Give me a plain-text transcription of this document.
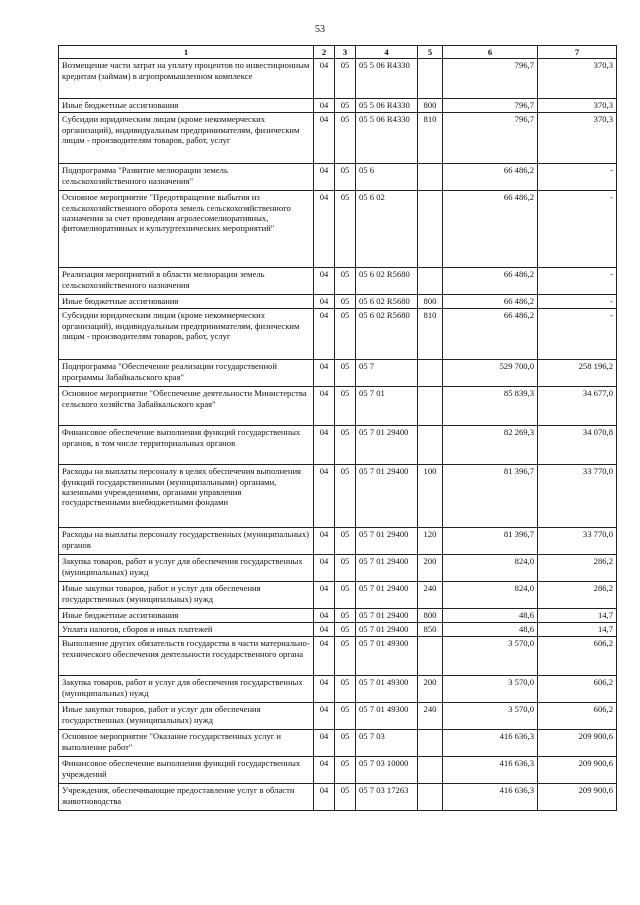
53
1	2	3	4	5	6	7
Возмещение части затрат на уплату процентов по инвестиционным кредитам (займам) в агропромышленном комплексе	04	05	05 5 06 R4330		796,7	370,3
Иные бюджетные ассигнования	04	05	05 5 06 R4330	800	796,7	370,3
Субсидии юридическим лицам (кроме некоммерческих организаций), индивидуальным предпринимателям, физическим лицам - производителям товаров, работ, услуг	04	05	05 5 06 R4330	810	796,7	370,3
Подпрограмма "Развитие мелиорации земель сельскохозяйственного назначения"	04	05	05 6		66 486,2	-
Основное мероприятие "Предотвращение выбытия из сельскохозяйственного оборота земель сельскохозяйственного назначения за счет проведения агролесомелиоративных, фитомелиоративных и культуртехнических мероприятий"	04	05	05 6 02		66 486,2	-
Реализация мероприятий в области мелиорации земель сельскохозяйственного назначения	04	05	05 6 02 R5680		66 486,2	-
Иные бюджетные ассигнования	04	05	05 6 02 R5680	800	66 486,2	-
Субсидии юридическим лицам (кроме некоммерческих организаций), индивидуальным предпринимателям, физическим лицам - производителям товаров, работ, услуг	04	05	05 6 02 R5680	810	66 486,2	-
Подпрограмма "Обеспечение реализации государственной программы Забайкальского края"	04	05	05 7		529 700,0	258 196,2
Основное мероприятие "Обеспечение деятельности Министерства сельского хозяйства Забайкальского края"	04	05	05 7 01		85 839,3	34 677,0
Финансовое обеспечение выполнения функций государственных органов, в том числе территориальных органов	04	05	05 7 01 29400		82 269,3	34 070,8
Расходы на выплаты персоналу в целях обеспечения выполнения функций государственными (муниципальными) органами, казенными учреждениями, органами управления государственными внебюджетными фондами	04	05	05 7 01 29400	100	81 396,7	33 770,0
Расходы на выплаты персоналу государственных (муниципальных) органов	04	05	05 7 01 29400	120	81 396,7	33 770,0
Закупка товаров, работ и услуг для обеспечения государственных (муниципальных) нужд	04	05	05 7 01 29400	200	824,0	286,2
Иные закупки товаров, работ и услуг для обеспечения государственных (муниципальных) нужд	04	05	05 7 01 29400	240	824,0	286,2
Иные бюджетные ассигнования	04	05	05 7 01 29400	800	48,6	14,7
Уплата налогов, сборов и иных платежей	04	05	05 7 01 29400	850	48,6	14,7
Выполнение других обязательств государства в части материально-технического обеспечения деятельности государственного органа	04	05	05 7 01 49300		3 570,0	606,2
Закупка товаров, работ и услуг для обеспечения государственных (муниципальных) нужд	04	05	05 7 01 49300	200	3 570,0	606,2
Иные закупки товаров, работ и услуг для обеспечения государственных (муниципальных) нужд	04	05	05 7 01 49300	240	3 570,0	606,2
Основное мероприятие "Оказание государственных услуг и выполнение работ"	04	05	05 7 03		416 636,3	209 900,6
Финансовое обеспечение выполнения функций государственных учреждений	04	05	05 7 03 10000		416 636,3	209 900,6
Учреждения, обеспечивающие предоставление услуг в области животноводства	04	05	05 7 03 17263		416 636,3	209 900,6
